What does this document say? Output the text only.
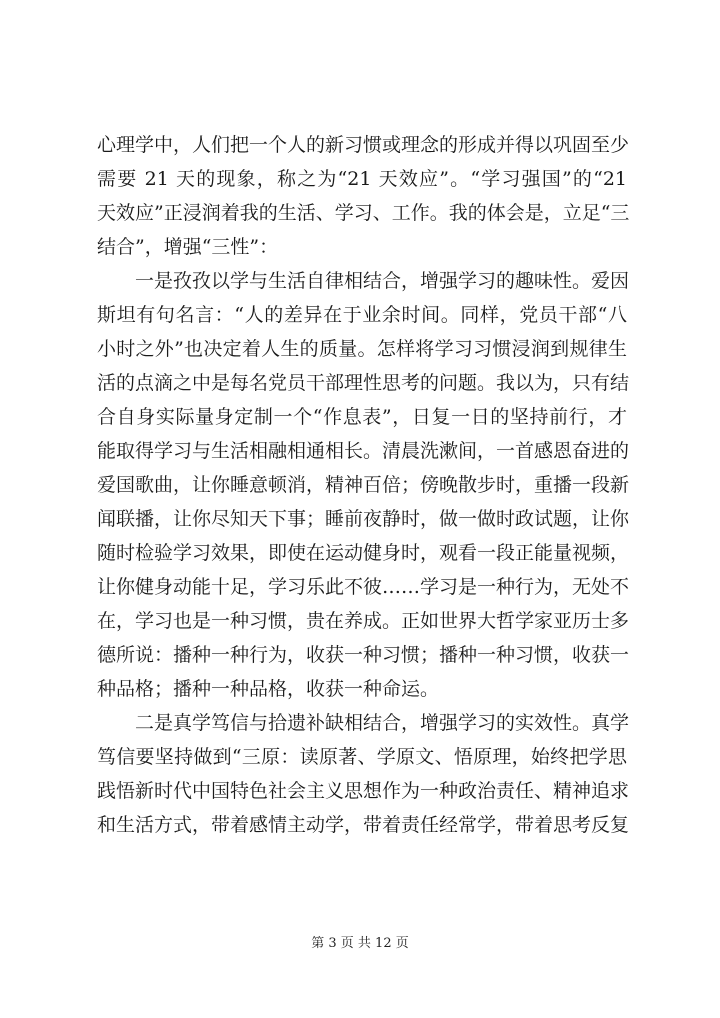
心理学中，人们把一个人的新习惯或理念的形成并得以巩固至少
需要 21 天的现象，称之为“21 天效应”。“学习强国”的“21
天效应”正浸润着我的生活、学习、工作。我的体会是，立足“三
结合”，增强“三性”：
一是孜孜以学与生活自律相结合，增强学习的趣味性。爱因
斯坦有句名言：“人的差异在于业余时间。同样，党员干部“八
小时之外”也决定着人生的质量。怎样将学习习惯浸润到规律生
活的点滴之中是每名党员干部理性思考的问题。我以为，只有结
合自身实际量身定制一个“作息表”，日复一日的坚持前行，才
能取得学习与生活相融相通相长。清晨洗漱间，一首感恩奋进的
爱国歌曲，让你睡意顿消，精神百倍；傍晚散步时，重播一段新
闻联播，让你尽知天下事；睡前夜静时，做一做时政试题，让你
随时检验学习效果，即使在运动健身时，观看一段正能量视频，
让你健身动能十足，学习乐此不彼……学习是一种行为，无处不
在，学习也是一种习惯，贵在养成。正如世界大哲学家亚历士多
德所说：播种一种行为，收获一种习惯；播种一种习惯，收获一
种品格；播种一种品格，收获一种命运。
二是真学笃信与拾遗补缺相结合，增强学习的实效性。真学
笃信要坚持做到“三原：读原著、学原文、悟原理，始终把学思
践悟新时代中国特色社会主义思想作为一种政治责任、精神追求
和生活方式，带着感情主动学，带着责任经常学，带着思考反复
第 3 页 共 12 页
